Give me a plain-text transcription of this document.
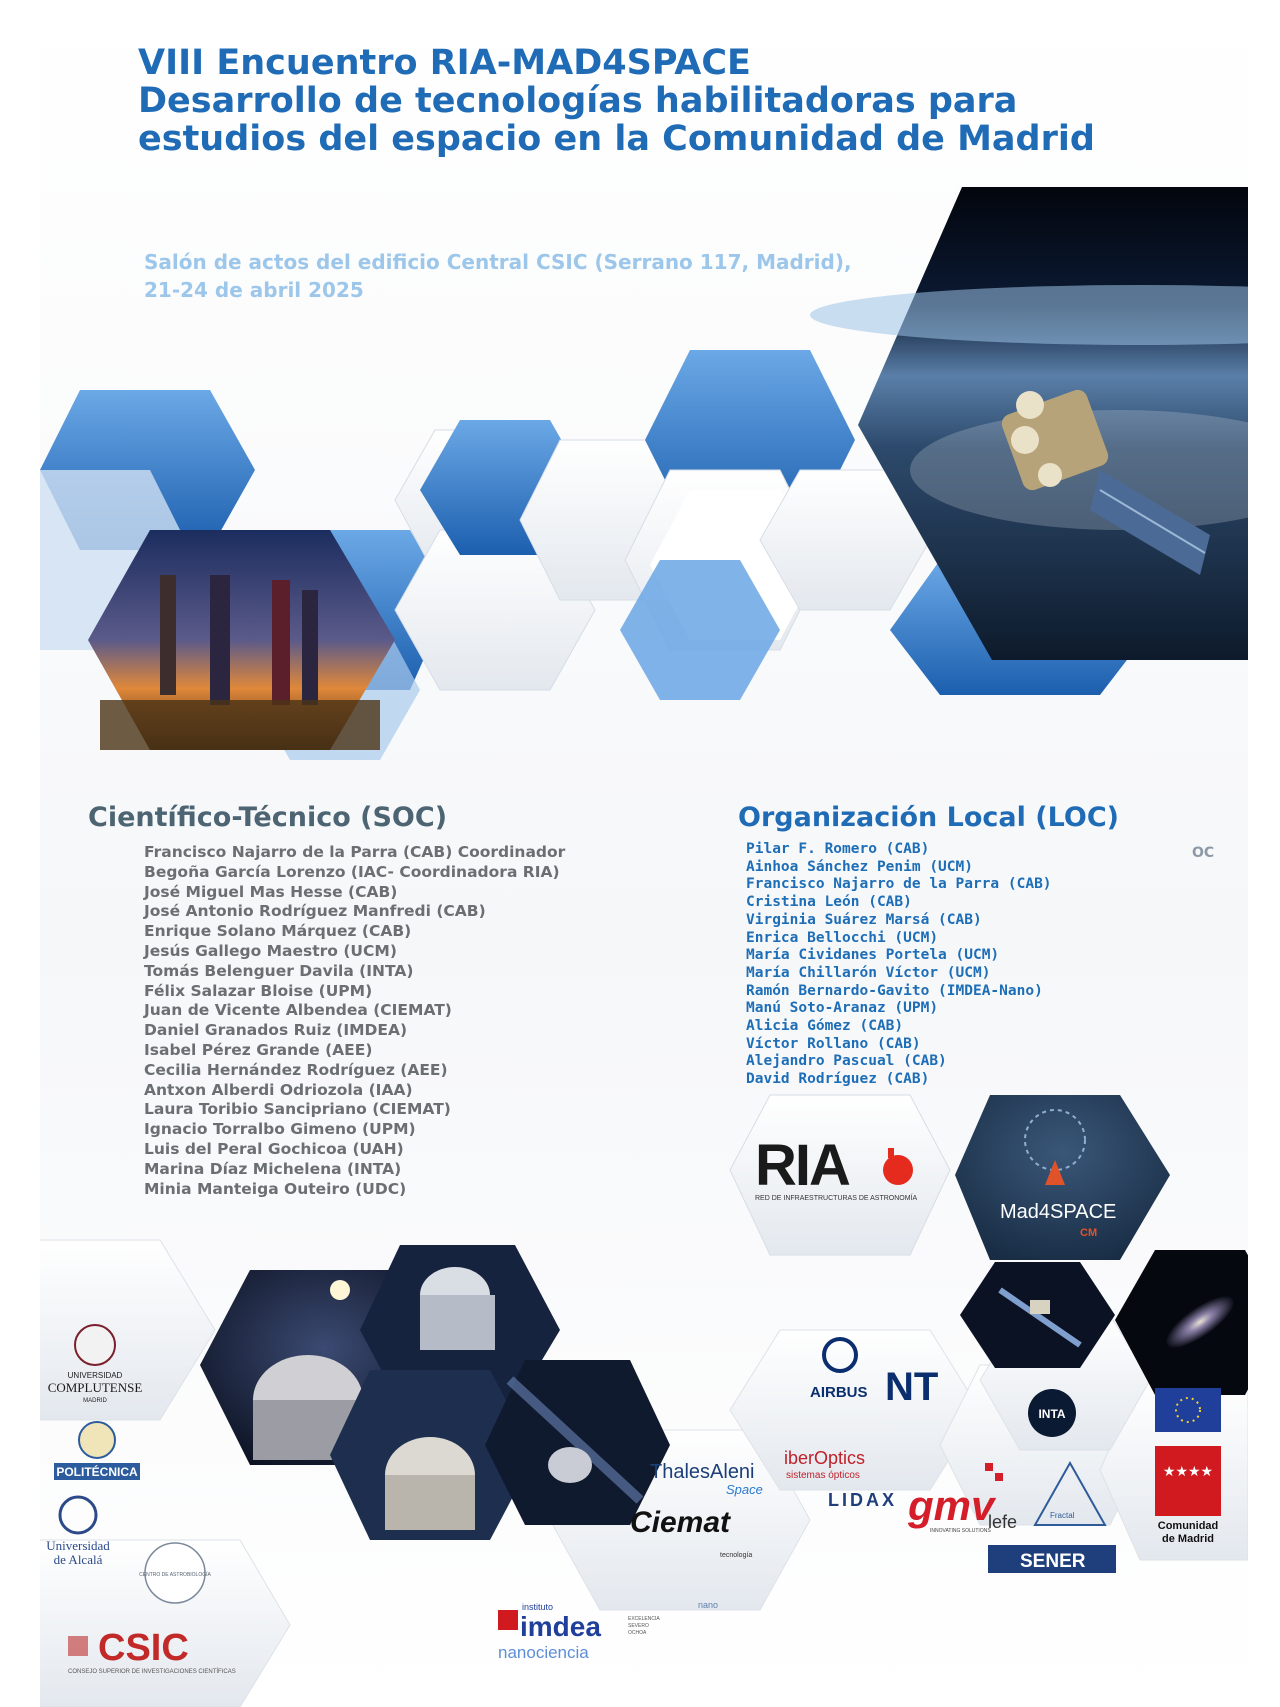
VIII Encuentro RIA-MAD4SPACE
Desarrollo de tecnologías habilitadoras para
estudios del espacio en la Comunidad de Madrid
Salón de actos del edificio Central CSIC (Serrano 117, Madrid),
21-24 de abril 2025
Científico-Técnico (SOC)
Francisco Najarro de la Parra (CAB) Coordinador
Begoña García Lorenzo (IAC- Coordinadora RIA)
José Miguel Mas Hesse (CAB)
José Antonio Rodríguez Manfredi (CAB)
Enrique Solano Márquez (CAB)
Jesús Gallego Maestro (UCM)
Tomás Belenguer Davila (INTA)
Félix Salazar Bloise (UPM)
Juan de Vicente Albendea (CIEMAT)
Daniel Granados Ruiz (IMDEA)
Isabel Pérez Grande (AEE)
Cecilia Hernández Rodríguez (AEE)
Antxon Alberdi Odriozola (IAA)
Laura Toribio Sancipriano (CIEMAT)
Ignacio Torralbo Gimeno (UPM)
Luis del Peral Gochicoa (UAH)
Marina Díaz Michelena (INTA)
Minia Manteiga Outeiro (UDC)
Organización Local (LOC)
OC
Pilar F. Romero (CAB)
Ainhoa Sánchez Penim (UCM)
Francisco Najarro de la Parra (CAB)
Cristina León (CAB)
Virginia Suárez Marsá (CAB)
Enrica Bellocchi (UCM)
María Cividanes Portela (UCM)
María Chillarón Víctor (UCM)
Ramón Bernardo-Gavito (IMDEA-Nano)
Manú Soto-Aranaz (UPM)
Alicia Gómez (CAB)
Víctor Rollano (CAB)
Alejandro Pascual (CAB)
David Rodríguez (CAB)
RIA
RED DE INFRAESTRUCTURAS DE ASTRONOMÍA
Mad4SPACE
CM
UNIVERSIDAD
COMPLUTENSE
MADRID
POLITÉCNICA
Universidad
de Alcalá
CENTRO DE ASTROBIOLOGÍA
CSIC
CONSEJO SUPERIOR DE INVESTIGACIONES CIENTÍFICAS
AIRBUS NT
INTA
ThalesAleni
Space
iberOptics
sistemas ópticos
Ciemat
tecnología
LIDAX gmv
INNOVATING SOLUTIONS
lefe	Fractal
SENER
★★★★
Comunidad
de Madrid
instituto
imdea
nanociencia
EXCELENCIA
SEVERO
OCHOA
nano
